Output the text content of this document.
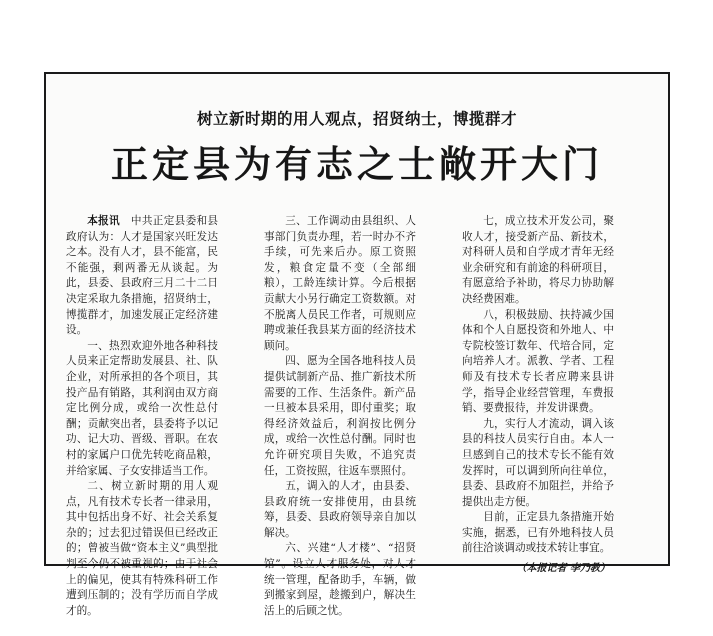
树立新时期的用人观点，招贤纳士，博揽群才
正定县为有志之士敞开大门

本报讯　 中共正定县委和县政府认为：人才是国家兴旺发达之本。没有人才，县不能富，民不能强，剩两番无从谈起。为此，县委、县政府三月二十二日决定采取九条措施，招贤纳士，博揽群才，加速发展正定经济建设。

一、热烈欢迎外地各种科技人员来正定帮助发展县、社、队企业，对所承担的各个项目，其投产品有销路，其利润由双方商定比例分成，或给一次性总付酬；贡献突出者，县委将予以记功、记大功、晋级、晋职。在农村的家属户口优先转吃商品粮，并给家属、子女安排适当工作。

二、树立新时期的用人观点，凡有技术专长者一律录用，其中包括出身不好、社会关系复杂的；过去犯过错误但已经改正的；曾被当做“资本主义”典型批判至今仍不被重视的；由于社会上的偏见，使其有特殊科研工作遭到压制的；没有学历而自学成才的。

三、工作调动由县组织、人事部门负责办理，若一时办不齐手续，可先来后办。原工资照发，粮食定量不变（全部细粮），工龄连续计算。今后根据贡献大小另行确定工资数额。对不脱离人员民工作者，可规则应聘或兼任我县某方面的经济技术顾问。

四、愿为全国各地科技人员提供试制新产品、推广新技术所需要的工作、生活条件。新产品一旦被本县采用，即付重奖；取得经济效益后，利润按比例分成，或给一次性总付酬。同时也允许研究项目失败，不追究责任，工资按照，往返车票照付。

五，调入的人才，由县委、县政府统一安排使用，由县统筹，县委、县政府领导亲自加以解决。

六、兴建“人才楼”、“招贤馆”。设立人才服务处，对人才统一管理，配备助手，车辆，做到搬家到屋，趁搬到户，解决生活上的后顾之忧。

七，成立技术开发公司，聚收人才，接受新产品、新技术，对科研人员和自学成才青年无经业余研究和有前途的科研项目，有愿意给予补助，将尽力协助解决经费困难。

八，积极鼓励、扶持减少国体和个人自愿投资和外地人、中专院校签订数年、代培合同，定向培养人才。派教、学者、工程师及有技术专长者应聘来县讲学，指导企业经营管理，车费报销、要费报待，并发讲课费。

九，实行人才流动，调入该县的科技人员实行自由。本人一旦感到自己的技术专长不能有效发挥时，可以调到所向往单位，县委、县政府不加阻拦，并给予提供出走方便。

目前，正定县九条措施开始实施，据悉，已有外地科技人员前往洽谈调动或技术转让事宜。

（本报记者 李乃教）
